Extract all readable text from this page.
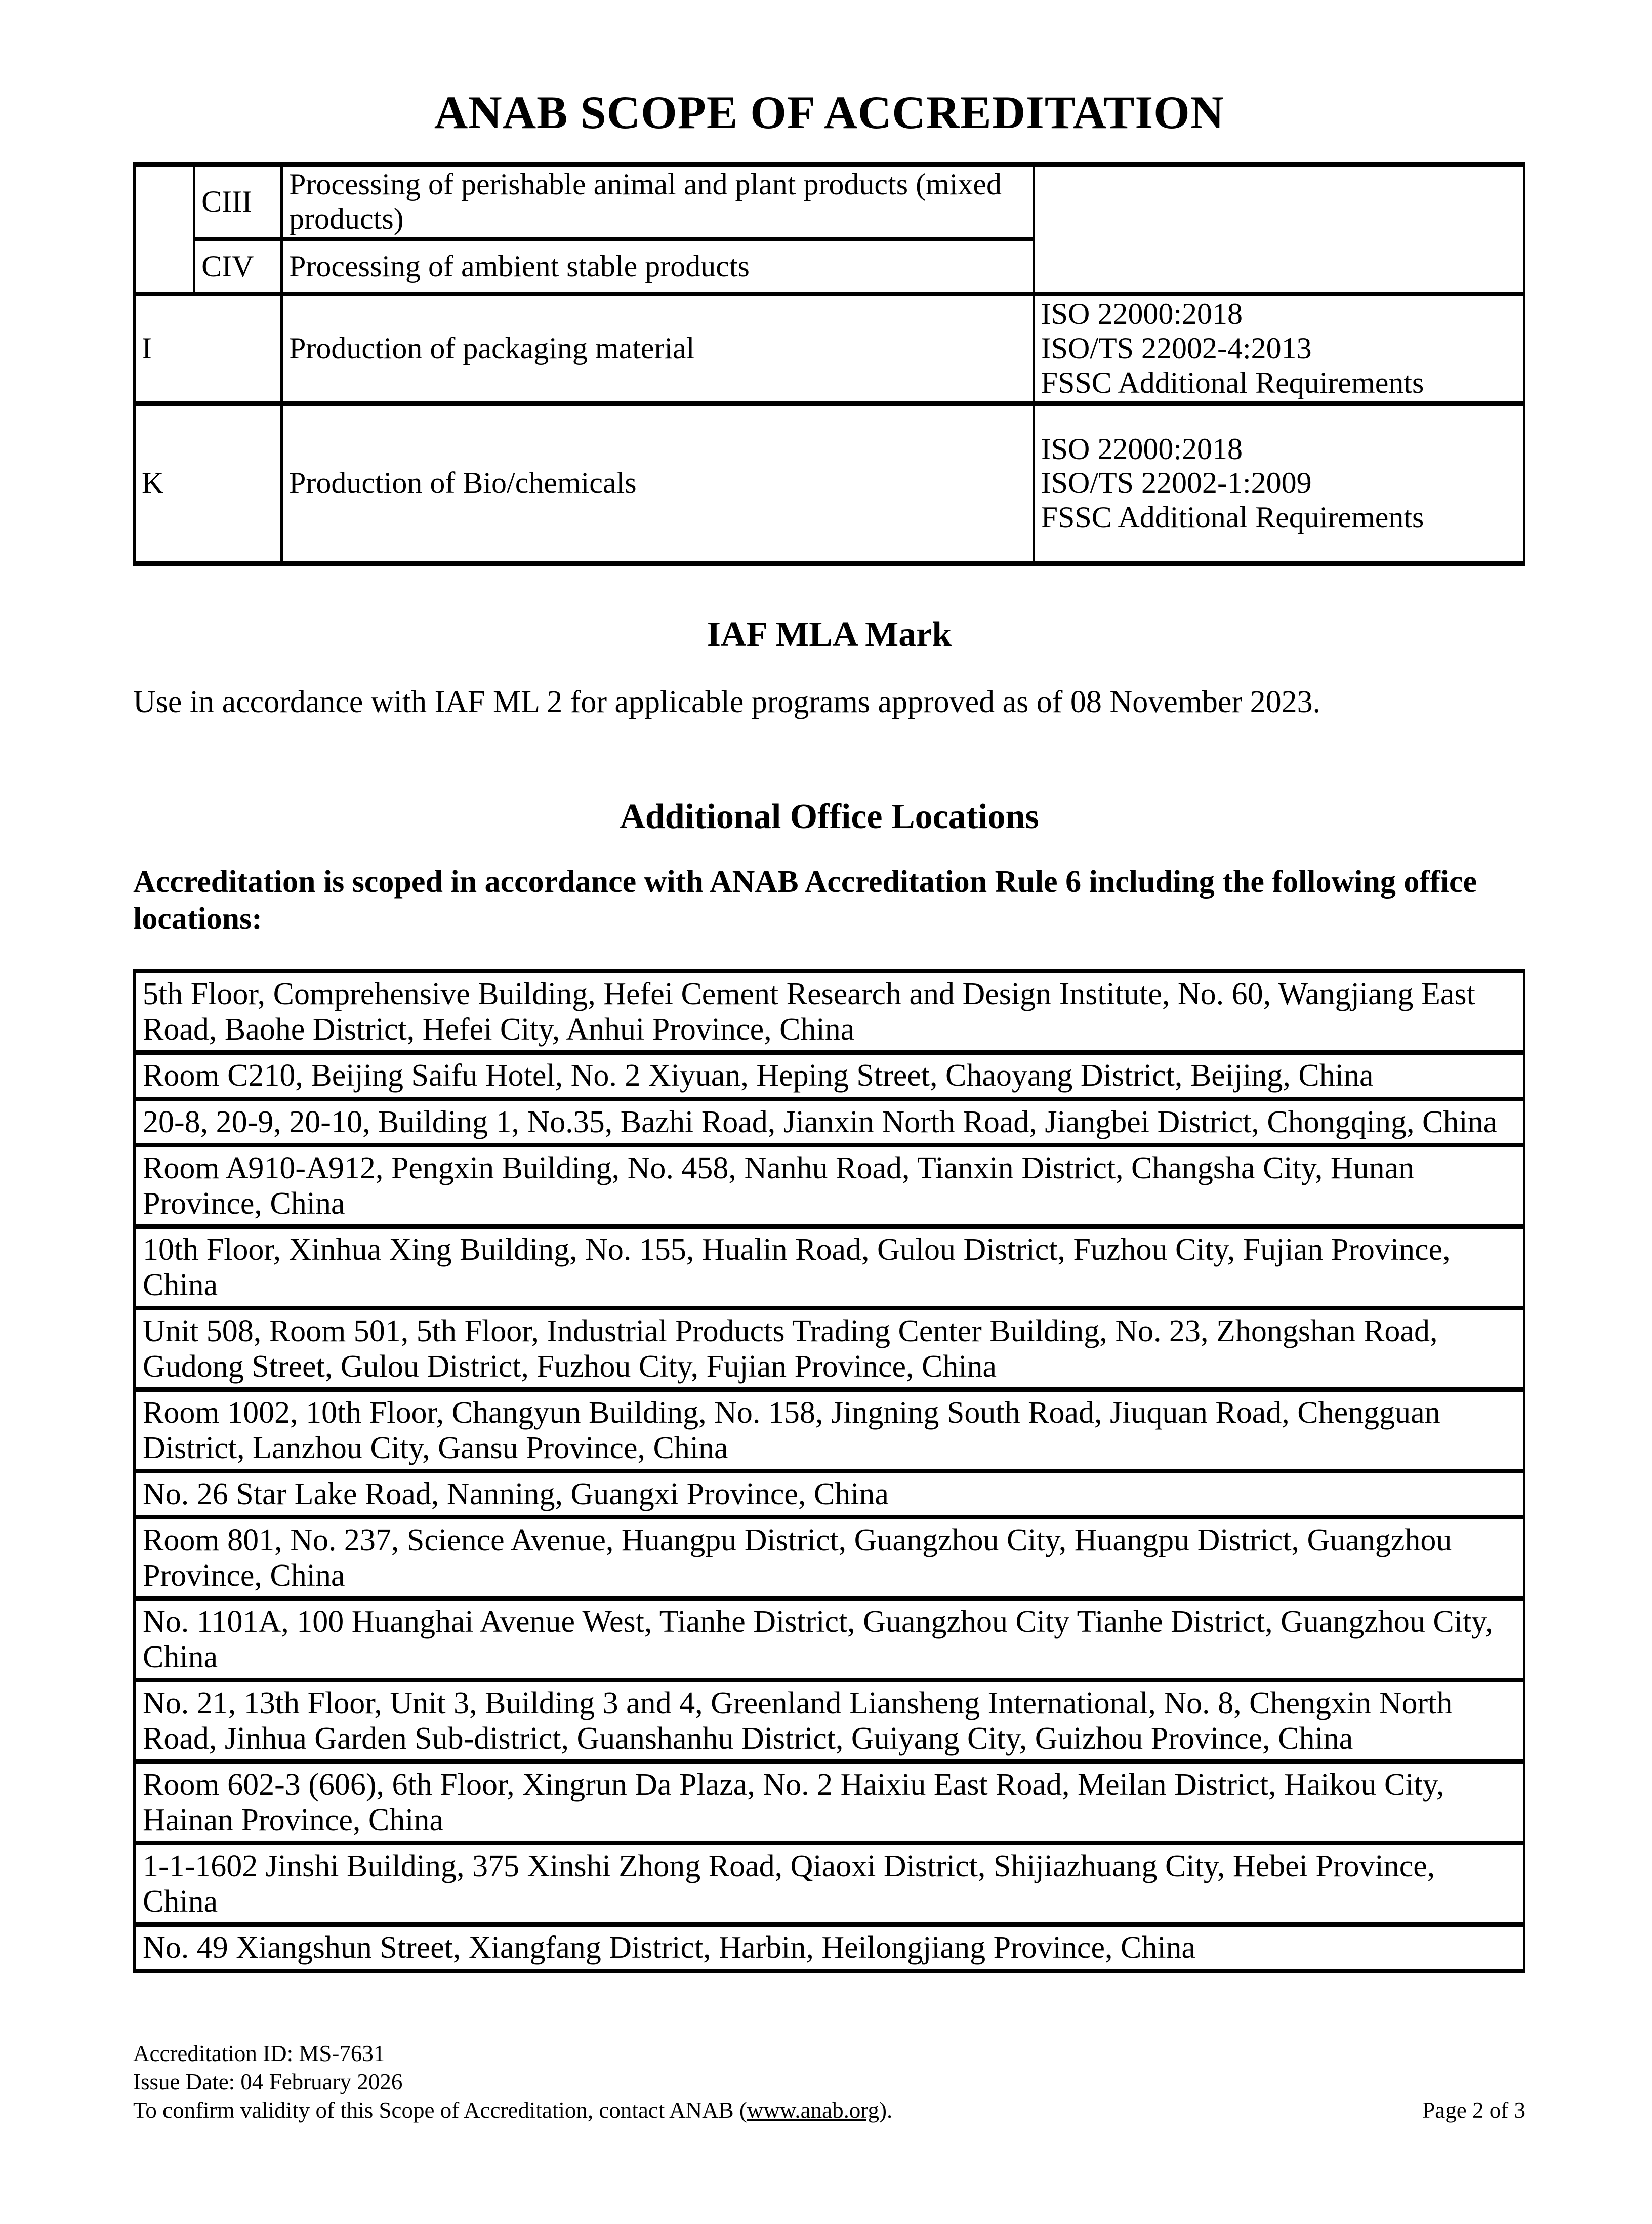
ANAB SCOPE OF ACCREDITATION
	CIII	Processing of perishable animal and plant products (mixed products)	
	CIV	Processing of ambient stable products	
I		Production of packaging material	ISO 22000:2018
ISO/TS 22002-4:2013
FSSC Additional Requirements

K		Production of Bio/chemicals	ISO 22000:2018
ISO/TS 22002-1:2009
FSSC Additional Requirements
IAF MLA Mark

Use in accordance with IAF ML 2 for applicable programs approved as of 08 November 2023.

Additional Office Locations

Accreditation is scoped in accordance with ANAB Accreditation Rule 6 including the following office locations:

5th Floor, Comprehensive Building, Hefei Cement Research and Design Institute, No. 60, Wangjiang East Road, Baohe District, Hefei City, Anhui Province, China
Room C210, Beijing Saifu Hotel, No. 2 Xiyuan, Heping Street, Chaoyang District, Beijing, China
20-8, 20-9, 20-10, Building 1, No.35, Bazhi Road, Jianxin North Road, Jiangbei District, Chongqing, China
Room A910-A912, Pengxin Building, No. 458, Nanhu Road, Tianxin District, Changsha City, Hunan Province, China
10th Floor, Xinhua Xing Building, No. 155, Hualin Road, Gulou District, Fuzhou City, Fujian Province, China
Unit 508, Room 501, 5th Floor, Industrial Products Trading Center Building, No. 23, Zhongshan Road, Gudong Street, Gulou District, Fuzhou City, Fujian Province, China
Room 1002, 10th Floor, Changyun Building, No. 158, Jingning South Road, Jiuquan Road, Chengguan District, Lanzhou City, Gansu Province, China
No. 26 Star Lake Road, Nanning, Guangxi Province, China
Room 801, No. 237, Science Avenue, Huangpu District, Guangzhou City, Huangpu District, Guangzhou Province, China
No. 1101A, 100 Huanghai Avenue West, Tianhe District, Guangzhou City Tianhe District, Guangzhou City, China
No. 21, 13th Floor, Unit 3, Building 3 and 4, Greenland Liansheng International, No. 8, Chengxin North Road, Jinhua Garden Sub-district, Guanshanhu District, Guiyang City, Guizhou Province, China
Room 602-3 (606), 6th Floor, Xingrun Da Plaza, No. 2 Haixiu East Road, Meilan District, Haikou City, Hainan Province, China
1-1-1602 Jinshi Building, 375 Xinshi Zhong Road, Qiaoxi District, Shijiazhuang City, Hebei Province, China
No. 49 Xiangshun Street, Xiangfang District, Harbin, Heilongjiang Province, China

Accreditation ID: MS-7631

Issue Date: 04 February 2026

To confirm validity of this Scope of Accreditation, contact ANAB (www.anab.org).	Page 2 of 3
